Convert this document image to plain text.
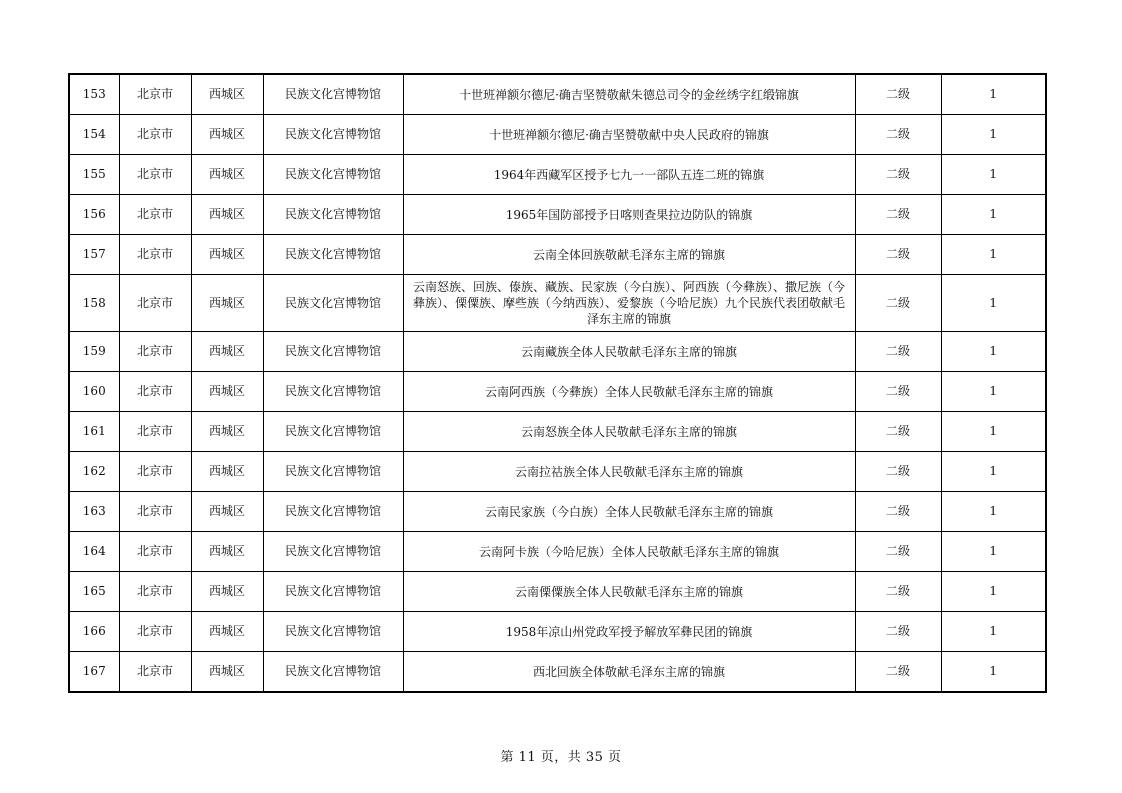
153	北京市	西城区	民族文化宫博物馆	十世班禅额尔德尼·确吉坚赞敬献朱德总司令的金丝绣字红缎锦旗	二级	1
154	北京市	西城区	民族文化宫博物馆	十世班禅额尔德尼·确吉坚赞敬献中央人民政府的锦旗	二级	1
155	北京市	西城区	民族文化宫博物馆	1964年西藏军区授予七九一一部队五连二班的锦旗	二级	1
156	北京市	西城区	民族文化宫博物馆	1965年国防部授予日喀则查果拉边防队的锦旗	二级	1
157	北京市	西城区	民族文化宫博物馆	云南全体回族敬献毛泽东主席的锦旗	二级	1
158	北京市	西城区	民族文化宫博物馆	云南怒族、回族、傣族、藏族、民家族（今白族）、阿西族（今彝族）、撒尼族（今彝族）、傈僳族、摩些族（今纳西族）、爱黎族（今哈尼族）九个民族代表团敬献毛泽东主席的锦旗	二级	1
159	北京市	西城区	民族文化宫博物馆	云南藏族全体人民敬献毛泽东主席的锦旗	二级	1
160	北京市	西城区	民族文化宫博物馆	云南阿西族（今彝族）全体人民敬献毛泽东主席的锦旗	二级	1
161	北京市	西城区	民族文化宫博物馆	云南怒族全体人民敬献毛泽东主席的锦旗	二级	1
162	北京市	西城区	民族文化宫博物馆	云南拉祜族全体人民敬献毛泽东主席的锦旗	二级	1
163	北京市	西城区	民族文化宫博物馆	云南民家族（今白族）全体人民敬献毛泽东主席的锦旗	二级	1
164	北京市	西城区	民族文化宫博物馆	云南阿卡族（今哈尼族）全体人民敬献毛泽东主席的锦旗	二级	1
165	北京市	西城区	民族文化宫博物馆	云南傈僳族全体人民敬献毛泽东主席的锦旗	二级	1
166	北京市	西城区	民族文化宫博物馆	1958年凉山州党政军授予解放军彝民团的锦旗	二级	1
167	北京市	西城区	民族文化宫博物馆	西北回族全体敬献毛泽东主席的锦旗	二级	1
第 11 页，共 35 页
